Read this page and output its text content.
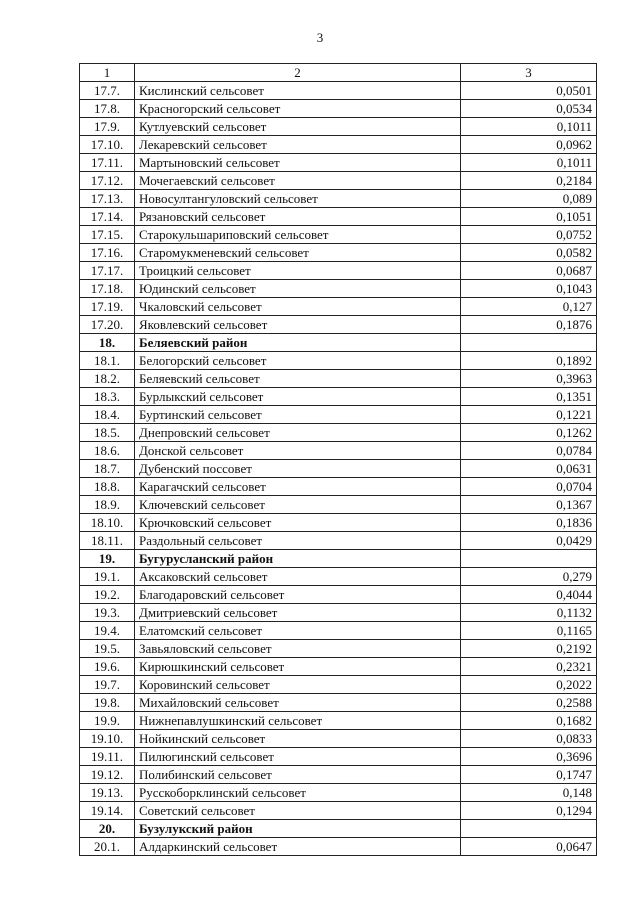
3
1	2	3
17.7.	Кислинский сельсовет	0,0501
17.8.	Красногорский сельсовет	0,0534
17.9.	Кутлуевский сельсовет	0,1011
17.10.	Лекаревский сельсовет	0,0962
17.11.	Мартыновский сельсовет	0,1011
17.12.	Мочегаевский сельсовет	0,2184
17.13.	Новосултангуловский сельсовет	0,089
17.14.	Рязановский сельсовет	0,1051
17.15.	Старокульшариповский сельсовет	0,0752
17.16.	Старомукменевский сельсовет	0,0582
17.17.	Троицкий сельсовет	0,0687
17.18.	Юдинский сельсовет	0,1043
17.19.	Чкаловский сельсовет	0,127
17.20.	Яковлевский сельсовет	0,1876
18.	Беляевский район	
18.1.	Белогорский сельсовет	0,1892
18.2.	Беляевский сельсовет	0,3963
18.3.	Бурлыкский сельсовет	0,1351
18.4.	Буртинский сельсовет	0,1221
18.5.	Днепровский сельсовет	0,1262
18.6.	Донской сельсовет	0,0784
18.7.	Дубенский поссовет	0,0631
18.8.	Карагачский сельсовет	0,0704
18.9.	Ключевский сельсовет	0,1367
18.10.	Крючковский сельсовет	0,1836
18.11.	Раздольный сельсовет	0,0429
19.	Бугурусланский район	
19.1.	Аксаковский сельсовет	0,279
19.2.	Благодаровский сельсовет	0,4044
19.3.	Дмитриевский сельсовет	0,1132
19.4.	Елатомский сельсовет	0,1165
19.5.	Завьяловский сельсовет	0,2192
19.6.	Кирюшкинский сельсовет	0,2321
19.7.	Коровинский сельсовет	0,2022
19.8.	Михайловский сельсовет	0,2588
19.9.	Нижнепавлушкинский сельсовет	0,1682
19.10.	Нойкинский сельсовет	0,0833
19.11.	Пилюгинский сельсовет	0,3696
19.12.	Полибинский сельсовет	0,1747
19.13.	Русскоборклинский сельсовет	0,148
19.14.	Советский сельсовет	0,1294
20.	Бузулукский район	
20.1.	Алдаркинский сельсовет	0,0647
